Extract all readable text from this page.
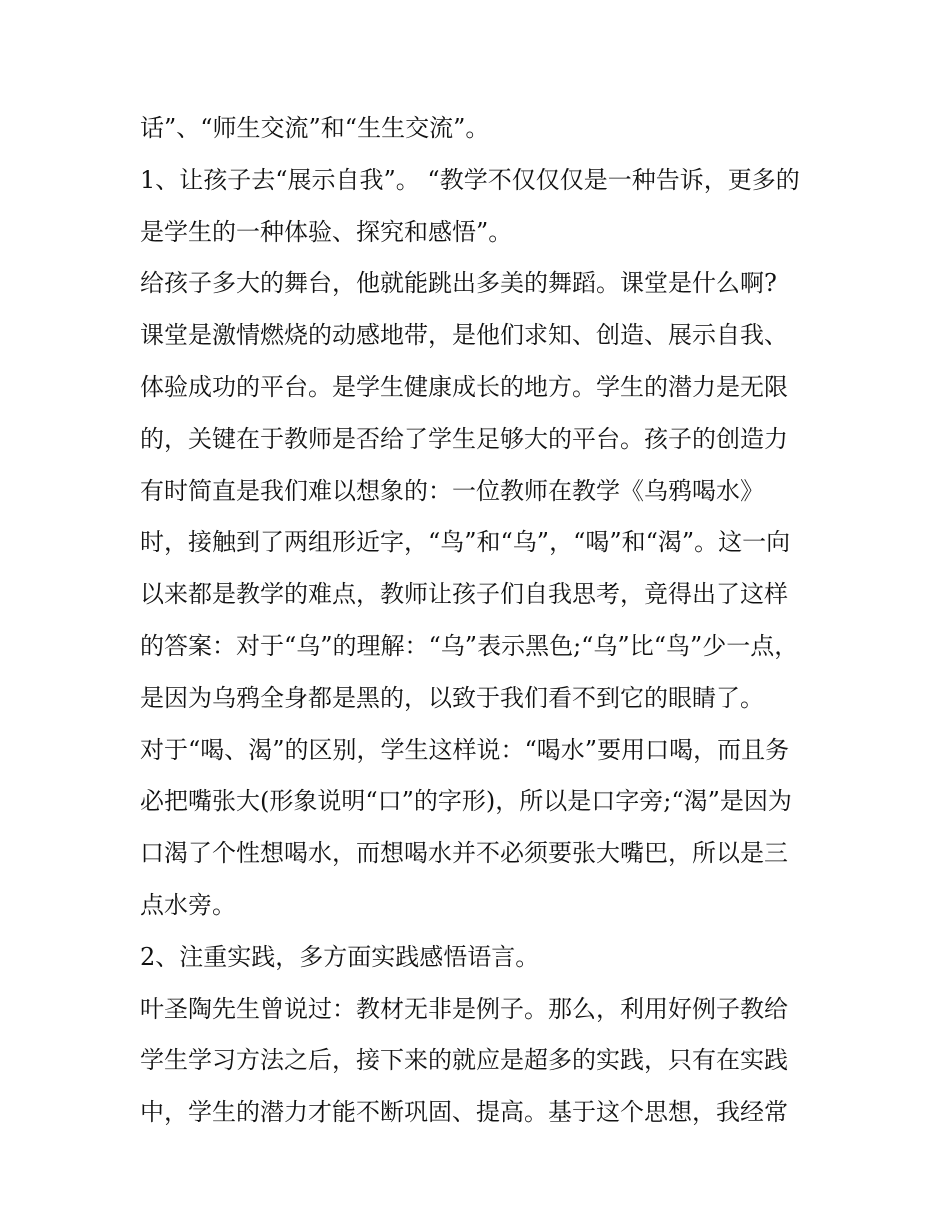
话”、“师生交流”和“生生交流”。
1、让孩子去“展示自我”。 “教学不仅仅仅是一种告诉，更多的
是学生的一种体验、探究和感悟”。
给孩子多大的舞台，他就能跳出多美的舞蹈。课堂是什么啊?
课堂是激情燃烧的动感地带，是他们求知、创造、展示自我、
体验成功的平台。是学生健康成长的地方。学生的潜力是无限
的，关键在于教师是否给了学生足够大的平台。孩子的创造力
有时简直是我们难以想象的：一位教师在教学《乌鸦喝水》
时，接触到了两组形近字，“鸟”和“乌”，“喝”和“渴”。这一向
以来都是教学的难点，教师让孩子们自我思考，竟得出了这样
的答案：对于“乌”的理解：“乌”表示黑色;“乌”比“鸟”少一点，
是因为乌鸦全身都是黑的，以致于我们看不到它的眼睛了。
对于“喝、渴”的区别，学生这样说：“喝水”要用口喝，而且务
必把嘴张大(形象说明“口”的字形)，所以是口字旁;“渴”是因为
口渴了个性想喝水，而想喝水并不必须要张大嘴巴，所以是三
点水旁。
2、注重实践，多方面实践感悟语言。
叶圣陶先生曾说过：教材无非是例子。那么，利用好例子教给
学生学习方法之后，接下来的就应是超多的实践，只有在实践
中，学生的潜力才能不断巩固、提高。基于这个思想，我经常
